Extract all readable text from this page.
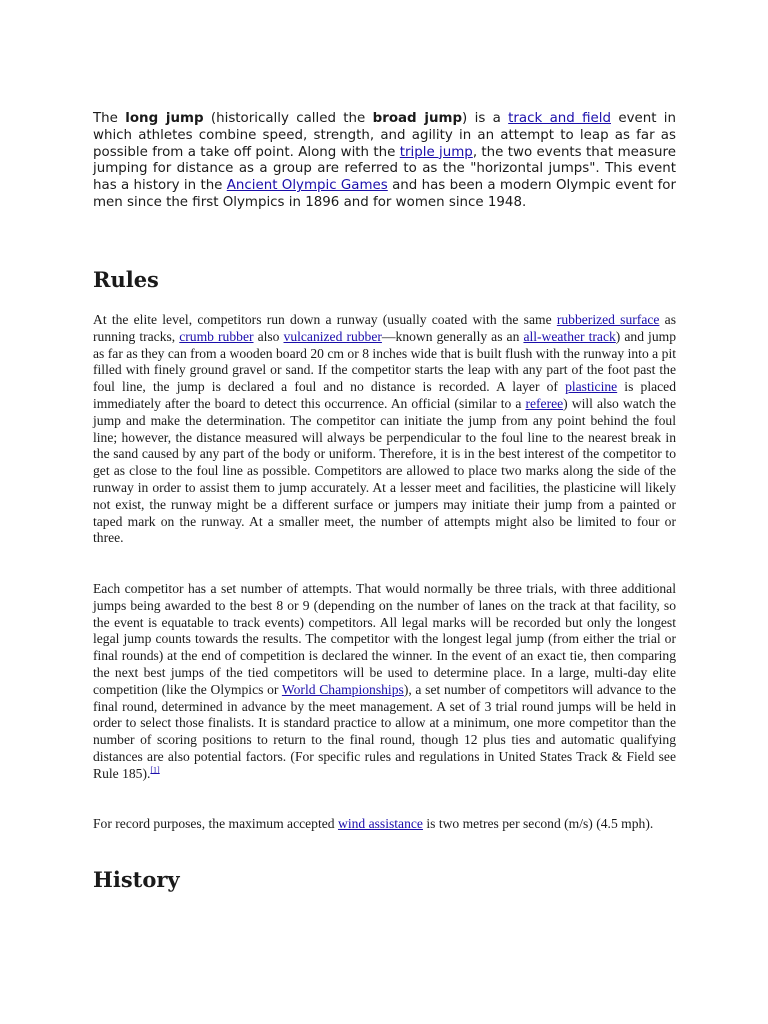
The long jump (historically called the broad jump) is a track and field event in which athletes combine speed, strength, and agility in an attempt to leap as far as possible from a take off point. Along with the triple jump, the two events that measure jumping for distance as a group are referred to as the "horizontal jumps". This event has a history in the Ancient Olympic Games and has been a modern Olympic event for men since the first Olympics in 1896 and for women since 1948.

Rules

At the elite level, competitors run down a runway (usually coated with the same rubberized surface as running tracks, crumb rubber also vulcanized rubber—known generally as an all-weather track) and jump as far as they can from a wooden board 20 cm or 8 inches wide that is built flush with the runway into a pit filled with finely ground gravel or sand. If the competitor starts the leap with any part of the foot past the foul line, the jump is declared a foul and no distance is recorded. A layer of plasticine is placed immediately after the board to detect this occurrence. An official (similar to a referee) will also watch the jump and make the determination. The competitor can initiate the jump from any point behind the foul line; however, the distance measured will always be perpendicular to the foul line to the nearest break in the sand caused by any part of the body or uniform. Therefore, it is in the best interest of the competitor to get as close to the foul line as possible. Competitors are allowed to place two marks along the side of the runway in order to assist them to jump accurately. At a lesser meet and facilities, the plasticine will likely not exist, the runway might be a different surface or jumpers may initiate their jump from a painted or taped mark on the runway. At a smaller meet, the number of attempts might also be limited to four or three.

Each competitor has a set number of attempts. That would normally be three trials, with three additional jumps being awarded to the best 8 or 9 (depending on the number of lanes on the track at that facility, so the event is equatable to track events) competitors. All legal marks will be recorded but only the longest legal jump counts towards the results. The competitor with the longest legal jump (from either the trial or final rounds) at the end of competition is declared the winner. In the event of an exact tie, then comparing the next best jumps of the tied competitors will be used to determine place. In a large, multi-day elite competition (like the Olympics or World Championships), a set number of competitors will advance to the final round, determined in advance by the meet management. A set of 3 trial round jumps will be held in order to select those finalists. It is standard practice to allow at a minimum, one more competitor than the number of scoring positions to return to the final round, though 12 plus ties and automatic qualifying distances are also potential factors. (For specific rules and regulations in United States Track & Field see Rule 185).[1]

For record purposes, the maximum accepted wind assistance is two metres per second (m/s) (4.5 mph).

History
